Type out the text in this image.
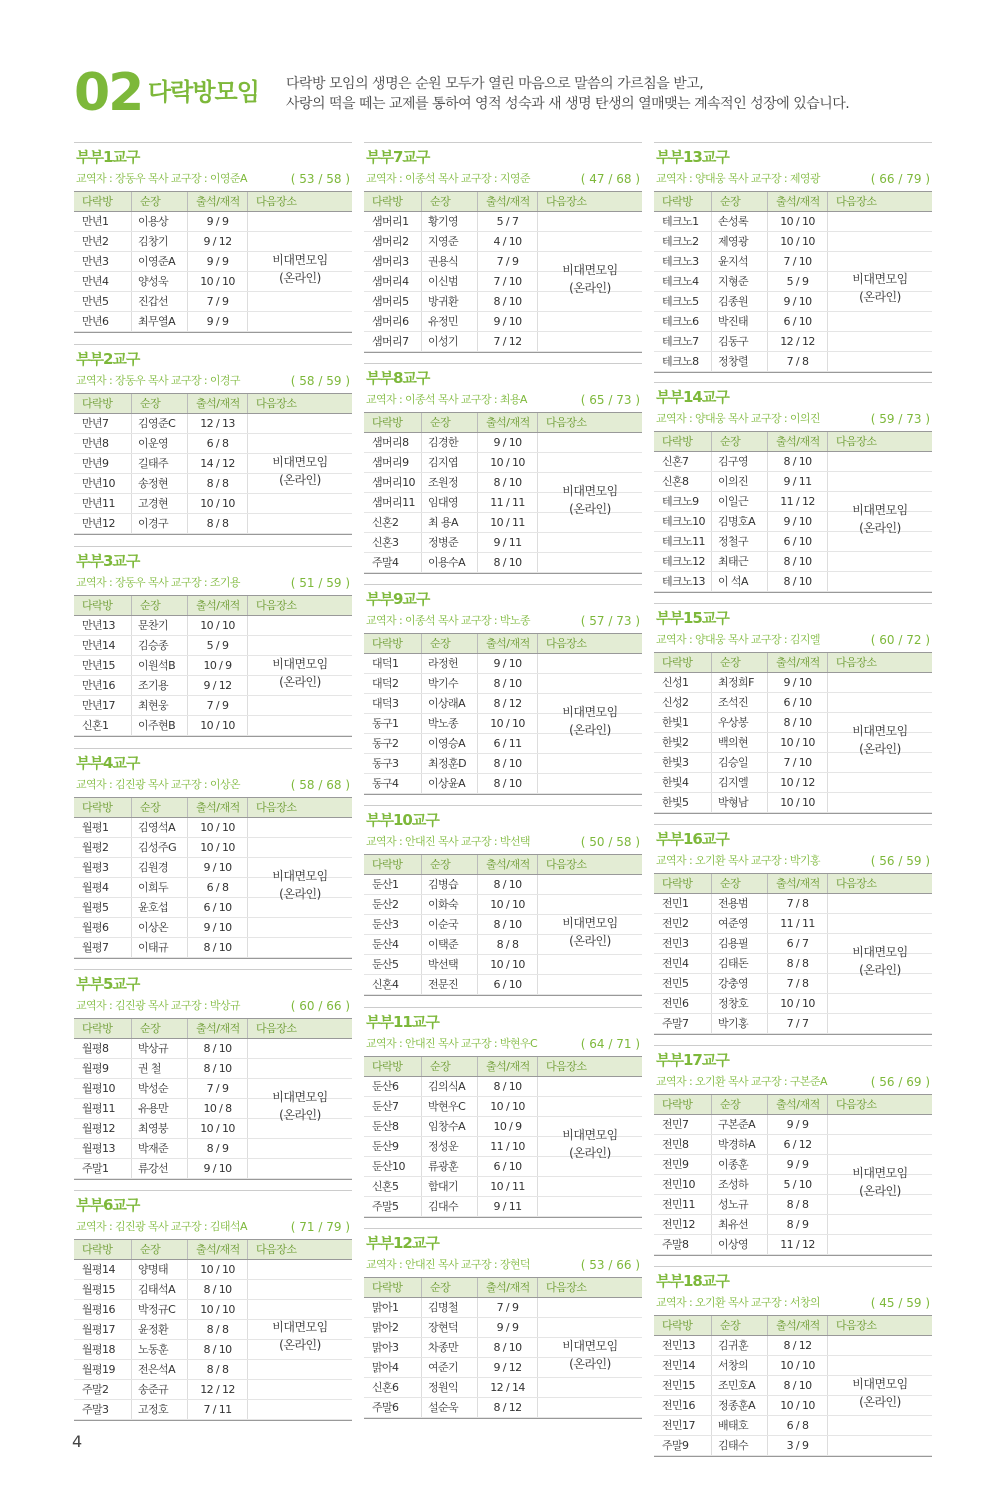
02 다락방모임 다락방 모임의 생명은 순원 모두가 열린 마음으로 말씀의 가르침을 받고,
사랑의 떡을 떼는 교제를 통하여 영적 성숙과 새 생명 탄생의 열매맺는 계속적인 성장에 있습니다.
부부1교구
교역자 : 장동우 목사 교구장 : 이영준A	( 53 / 58 )
다락방	순장	출석/재적	다음장소
만년1	이용상	9 / 9
만년2	김창기	9 / 12
만년3	이영준A	9 / 9
만년4	양성욱	10 / 10
만년5	진갑선	7 / 9
만년6	최무열A	9 / 9
비대면모임
(온라인)
부부2교구
교역자 : 장동우 목사 교구장 : 이경구	( 58 / 59 )
다락방	순장	출석/재적	다음장소
만년7	김영준C	12 / 13
만년8	이운영	6 / 8
만년9	길태주	14 / 12
만년10	송정현	8 / 8
만년11	고경현	10 / 10
만년12	이경구	8 / 8
비대면모임
(온라인)
부부3교구
교역자 : 장동우 목사 교구장 : 조기용	( 51 / 59 )
다락방	순장	출석/재적	다음장소
만년13	문찬기	10 / 10
만년14	김승종	5 / 9
만년15	이원석B	10 / 9
만년16	조기용	9 / 12
만년17	최현웅	7 / 9
신혼1	이주현B	10 / 10
비대면모임
(온라인)
부부4교구
교역자 : 김진광 목사 교구장 : 이상온	( 58 / 68 )
다락방	순장	출석/재적	다음장소
월평1	김영석A	10 / 10
월평2	김성주G	10 / 10
월평3	김원경	9 / 10
월평4	이희두	6 / 8
월평5	윤호섭	6 / 10
월평6	이상온	9 / 10
월평7	이태규	8 / 10
비대면모임
(온라인)
부부5교구
교역자 : 김진광 목사 교구장 : 박상규	( 60 / 66 )
다락방	순장	출석/재적	다음장소
월평8	박상규	8 / 10
월평9	권 철	8 / 10
월평10	박성순	7 / 9
월평11	유용만	10 / 8
월평12	최영붕	10 / 10
월평13	박재준	8 / 9
주말1	류강선	9 / 10
비대면모임
(온라인)
부부6교구
교역자 : 김진광 목사 교구장 : 김태석A	( 71 / 79 )
다락방	순장	출석/재적	다음장소
월평14	양명태	10 / 10
월평15	김태석A	8 / 10
월평16	박정규C	10 / 10
월평17	윤정환	8 / 8
월평18	노동훈	8 / 10
월평19	전은석A	8 / 8
주말2	송준규	12 / 12
주말3	고정호	7 / 11
비대면모임
(온라인)
부부7교구
교역자 : 이종석 목사 교구장 : 지영준	( 47 / 68 )
다락방	순장	출석/재적	다음장소
샘머리1	황기영	5 / 7
샘머리2	지영준	4 / 10
샘머리3	권용식	7 / 9
샘머리4	이신범	7 / 10
샘머리5	방귀환	8 / 10
샘머리6	유정민	9 / 10
샘머리7	이성기	7 / 12
비대면모임
(온라인)
부부8교구
교역자 : 이종석 목사 교구장 : 최용A	( 65 / 73 )
다락방	순장	출석/재적	다음장소
샘머리8	김경한	9 / 10
샘머리9	김지엽	10 / 10
샘머리10	조원정	8 / 10
샘머리11	임대영	11 / 11
신혼2	최 용A	10 / 11
신혼3	정병준	9 / 11
주말4	이용수A	8 / 10
비대면모임
(온라인)
부부9교구
교역자 : 이종석 목사 교구장 : 박노종	( 57 / 73 )
다락방	순장	출석/재적	다음장소
대덕1	라정헌	9 / 10
대덕2	박기수	8 / 10
대덕3	이상래A	8 / 12
동구1	박노종	10 / 10
동구2	이영승A	6 / 11
동구3	최정훈D	8 / 10
동구4	이상윤A	8 / 10
비대면모임
(온라인)
부부10교구
교역자 : 안대진 목사 교구장 : 박선택	( 50 / 58 )
다락방	순장	출석/재적	다음장소
둔산1	김병습	8 / 10
둔산2	이화숙	10 / 10
둔산3	이순국	8 / 10
둔산4	이택준	8 / 8
둔산5	박선택	10 / 10
신혼4	전문진	6 / 10
비대면모임
(온라인)
부부11교구
교역자 : 안대진 목사 교구장 : 박현우C	( 64 / 71 )
다락방	순장	출석/재적	다음장소
둔산6	김의식A	8 / 10
둔산7	박현우C	10 / 10
둔산8	임창수A	10 / 9
둔산9	정성운	11 / 10
둔산10	류광훈	6 / 10
신혼5	함대기	10 / 11
주말5	김대수	9 / 11
비대면모임
(온라인)
부부12교구
교역자 : 안대진 목사 교구장 : 장현덕	( 53 / 66 )
다락방	순장	출석/재적	다음장소
맑아1	김명철	7 / 9
맑아2	장현덕	9 / 9
맑아3	차종만	8 / 10
맑아4	여준기	9 / 12
신혼6	정원익	12 / 14
주말6	설순욱	8 / 12
비대면모임
(온라인)
부부13교구
교역자 : 양대웅 목사 교구장 : 제영광	( 66 / 79 )
다락방	순장	출석/재적	다음장소
테크노1	손성록	10 / 10
테크노2	제영광	10 / 10
테크노3	윤지석	7 / 10
테크노4	지형준	5 / 9
테크노5	김종원	9 / 10
테크노6	박진태	6 / 10
테크노7	김동구	12 / 12
테크노8	정창렬	7 / 8
비대면모임
(온라인)
부부14교구
교역자 : 양대웅 목사 교구장 : 이의진	( 59 / 73 )
다락방	순장	출석/재적	다음장소
신혼7	김구영	8 / 10
신혼8	이의진	9 / 11
테크노9	이일근	11 / 12
테크노10	김명호A	9 / 10
테크노11	정철구	6 / 10
테크노12	최태근	8 / 10
테크노13	이 석A	8 / 10
비대면모임
(온라인)
부부15교구
교역자 : 양대웅 목사 교구장 : 김지엘	( 60 / 72 )
다락방	순장	출석/재적	다음장소
신성1	최정희F	9 / 10
신성2	조석진	6 / 10
한빛1	우상봉	8 / 10
한빛2	백의현	10 / 10
한빛3	김승일	7 / 10
한빛4	김지엘	10 / 12
한빛5	박형남	10 / 10
비대면모임
(온라인)
부부16교구
교역자 : 오기환 목사 교구장 : 박기홍	( 56 / 59 )
다락방	순장	출석/재적	다음장소
전민1	전용범	7 / 8
전민2	여준영	11 / 11
전민3	김용필	6 / 7
전민4	김태돈	8 / 8
전민5	강충영	7 / 8
전민6	정창호	10 / 10
주말7	박기홍	7 / 7
비대면모임
(온라인)
부부17교구
교역자 : 오기환 목사 교구장 : 구본준A	( 56 / 69 )
다락방	순장	출석/재적	다음장소
전민7	구본준A	9 / 9
전민8	박경하A	6 / 12
전민9	이종훈	9 / 9
전민10	조성하	5 / 10
전민11	성노규	8 / 8
전민12	최유선	8 / 9
주말8	이상영	11 / 12
비대면모임
(온라인)
부부18교구
교역자 : 오기환 목사 교구장 : 서창의	( 45 / 59 )
다락방	순장	출석/재적	다음장소
전민13	김귀훈	8 / 12
전민14	서창의	10 / 10
전민15	조민호A	8 / 10
전민16	정종훈A	10 / 10
전민17	배태호	6 / 8
주말9	김태수	3 / 9
비대면모임
(온라인)
4
